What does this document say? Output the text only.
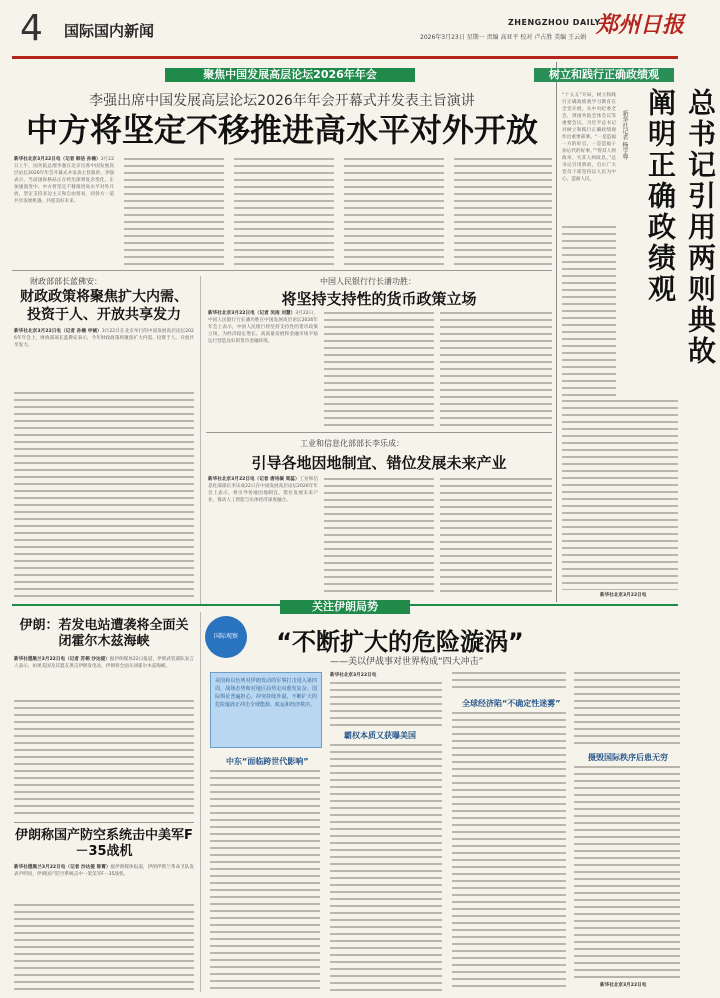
4 国际国内新闻	2026年3月23日 星期一 责编 高亚平 校对 卢占胜 美编 王云娟
ZHENGZHOU DAILY
郑州日报
聚焦中国发展高层论坛2026年年会
李强出席中国发展高层论坛2026年年会开幕式并发表主旨演讲
中方将坚定不移推进高水平对外开放
新华社北京3月22日电（记者 韩洁 孙楠）3月22日上午，国务院总理李强在北京出席中国发展高层论坛2026年年会开幕式并发表主旨演讲。李强表示，当前国际格局正在经历深刻复杂变化，正加速演变中。中方将坚定不移推进高水平对外开放，坚定支持多边主义和自由贸易，同各方一道共享发展机遇、共迎美好未来。
财政部部长蓝佛安：
财政政策将聚焦扩大内需、投资于人、开放共享发力
新华社北京3月22日电（记者 孙楠 申铖）3月22日在北京举行的中国发展高层论坛2026年年会上，财政部部长蓝佛安表示，今年财政政策将聚焦扩大内需、投资于人、开放共享发力。
中国人民银行行长潘功胜：
将坚持支持性的货币政策立场
新华社北京3月22日电（记者 吴雨 刘慧）3月22日，中国人民银行行长潘功胜在中国发展高层论坛2026年年会上表示，中国人民银行将坚持支持性的货币政策立场，为经济稳定增长、高质量发展和金融市场平稳运行营造良好的货币金融环境。
工业和信息化部部长李乐成：
引导各地因地制宜、错位发展未来产业
新华社北京3月22日电（记者 唐诗凝 周蕊）工业和信息化部部长李乐成22日在中国发展高层论坛2026年年会上表示，将引导各地因地制宜、错位发展未来产业，推动人工智能与实体经济深度融合。
树立和践行正确政绩观
总书记引用两则典故阐明正确政绩观
新华社记者 杨学尊
“十五五”开局，树立和践行正确政绩观学习教育在全党开展。从中央纪委全会，到国务院全体会议等重要会议，习近平总书记对树立和践行正确政绩观作出重要部署。“一是造福一方的好官，一是造福子孙后代的好事。”“得其人则政举，失其人则政息。”总书记引用典故，启示广大党员干部坚持以人民为中心，造福人民。
新华社北京3月22日电
关注伊朗局势
伊朗：若发电站遭袭将全面关闭霍尔木兹海峡
新华社德黑兰3月22日电（记者 苏桐 沙达提）据伊朗媒体22日报道，伊朗武装部队发言人表示，如果美国及其盟友袭击伊朗发电站，伊朗将全面关闭霍尔木兹海峡。
伊朗称国产防空系统击中美军F－35战机
新华社德黑兰3月22日电（记者 沙达提 陈霄）据伊朗媒体报道，伊朗伊斯兰革命卫队发表声明说，伊朗国产防空系统击中一架美军F－35战机。
国际观察	“不断扩大的危险漩涡”
——美以伊战事对世界构成“四大冲击”
美国和以色列对伊朗发动的军事打击进入第四周，战场态势和对地区局势走向愈发复杂。国际舆论普遍担心，冲突持续外溢，不断扩大的危险漩涡正冲击全球能源、航运和经济秩序。
中东“面临跨世代影响”
新华社北京3月22日电
霸权本质又获曝美国
全球经济陷“不确定性迷雾”
摄毁国际秩序后患无穷
新华社北京3月22日电
